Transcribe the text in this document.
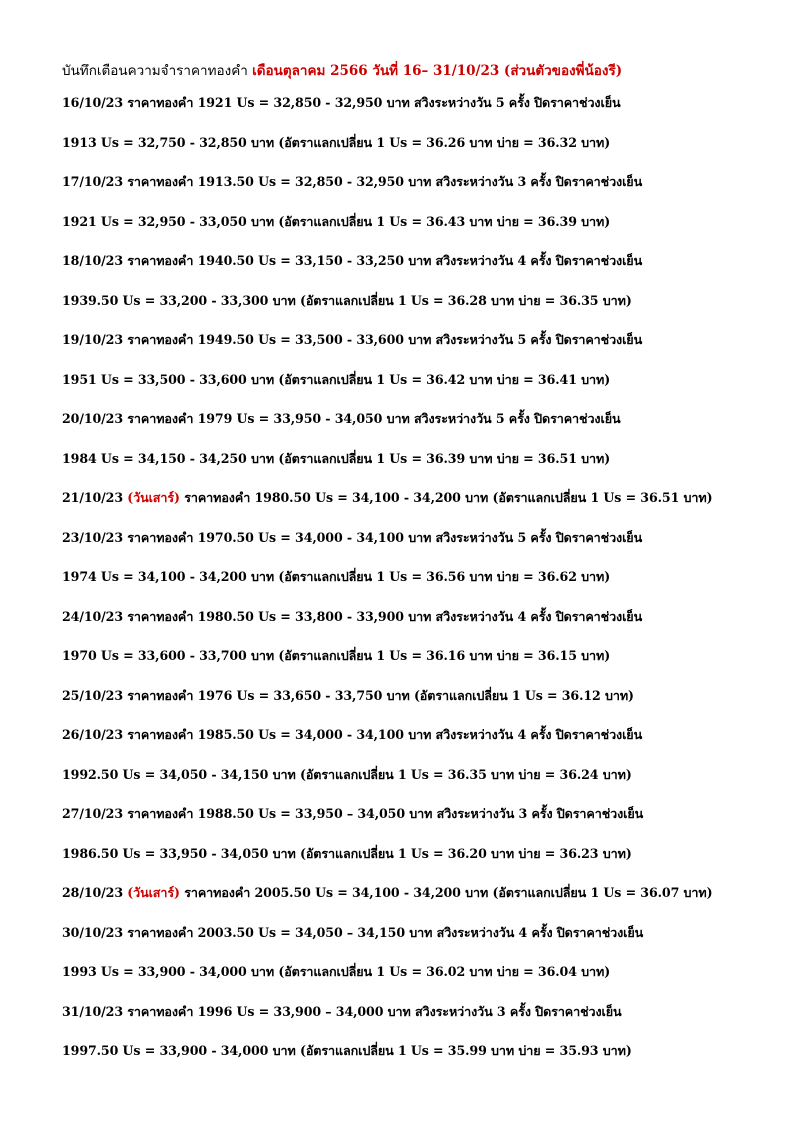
บันทึกเตือนความจำราคาทองคำ เดือนตุลาคม 2566 วันที่ 16– 31/10/23 (ส่วนตัวของพี่น้องรี)
16/10/23 ราคาทองคำ 1921 Us = 32,850 - 32,950 บาท สวิงระหว่างวัน 5 ครั้ง ปิดราคาช่วงเย็น
1913 Us = 32,750 - 32,850 บาท (อัตราแลกเปลี่ยน 1 Us = 36.26 บาท บ่าย = 36.32 บาท)
17/10/23 ราคาทองคำ 1913.50 Us = 32,850 - 32,950 บาท สวิงระหว่างวัน 3 ครั้ง ปิดราคาช่วงเย็น
1921 Us = 32,950 - 33,050 บาท (อัตราแลกเปลี่ยน 1 Us = 36.43 บาท บ่าย = 36.39 บาท)
18/10/23 ราคาทองคำ 1940.50 Us = 33,150 - 33,250 บาท สวิงระหว่างวัน 4 ครั้ง ปิดราคาช่วงเย็น
1939.50 Us = 33,200 - 33,300 บาท (อัตราแลกเปลี่ยน 1 Us = 36.28 บาท บ่าย = 36.35 บาท)
19/10/23 ราคาทองคำ 1949.50 Us = 33,500 - 33,600 บาท สวิงระหว่างวัน 5 ครั้ง ปิดราคาช่วงเย็น
1951 Us = 33,500 - 33,600 บาท (อัตราแลกเปลี่ยน 1 Us = 36.42 บาท บ่าย = 36.41 บาท)
20/10/23 ราคาทองคำ 1979 Us = 33,950 - 34,050 บาท สวิงระหว่างวัน 5 ครั้ง ปิดราคาช่วงเย็น
1984 Us = 34,150 - 34,250 บาท (อัตราแลกเปลี่ยน 1 Us = 36.39 บาท บ่าย = 36.51 บาท)
21/10/23 (วันเสาร์) ราคาทองคำ 1980.50 Us = 34,100 - 34,200 บาท (อัตราแลกเปลี่ยน 1 Us = 36.51 บาท)
23/10/23 ราคาทองคำ 1970.50 Us = 34,000 - 34,100 บาท สวิงระหว่างวัน 5 ครั้ง ปิดราคาช่วงเย็น
1974 Us = 34,100 - 34,200 บาท (อัตราแลกเปลี่ยน 1 Us = 36.56 บาท บ่าย = 36.62 บาท)
24/10/23 ราคาทองคำ 1980.50 Us = 33,800 - 33,900 บาท สวิงระหว่างวัน 4 ครั้ง ปิดราคาช่วงเย็น
1970 Us = 33,600 - 33,700 บาท (อัตราแลกเปลี่ยน 1 Us = 36.16 บาท บ่าย = 36.15 บาท)
25/10/23 ราคาทองคำ 1976 Us = 33,650 - 33,750 บาท (อัตราแลกเปลี่ยน 1 Us = 36.12 บาท)
26/10/23 ราคาทองคำ 1985.50 Us = 34,000 - 34,100 บาท สวิงระหว่างวัน 4 ครั้ง ปิดราคาช่วงเย็น
1992.50 Us = 34,050 - 34,150 บาท (อัตราแลกเปลี่ยน 1 Us = 36.35 บาท บ่าย = 36.24 บาท)
27/10/23 ราคาทองคำ 1988.50 Us = 33,950 – 34,050 บาท สวิงระหว่างวัน 3 ครั้ง ปิดราคาช่วงเย็น
1986.50 Us = 33,950 - 34,050 บาท (อัตราแลกเปลี่ยน 1 Us = 36.20 บาท บ่าย = 36.23 บาท)
28/10/23 (วันเสาร์) ราคาทองคำ 2005.50 Us = 34,100 - 34,200 บาท (อัตราแลกเปลี่ยน 1 Us = 36.07 บาท)
30/10/23 ราคาทองคำ 2003.50 Us = 34,050 – 34,150 บาท สวิงระหว่างวัน 4 ครั้ง ปิดราคาช่วงเย็น
1993 Us = 33,900 - 34,000 บาท (อัตราแลกเปลี่ยน 1 Us = 36.02 บาท บ่าย = 36.04 บาท)
31/10/23 ราคาทองคำ 1996 Us = 33,900 – 34,000 บาท สวิงระหว่างวัน 3 ครั้ง ปิดราคาช่วงเย็น
1997.50 Us = 33,900 - 34,000 บาท (อัตราแลกเปลี่ยน 1 Us = 35.99 บาท บ่าย = 35.93 บาท)
